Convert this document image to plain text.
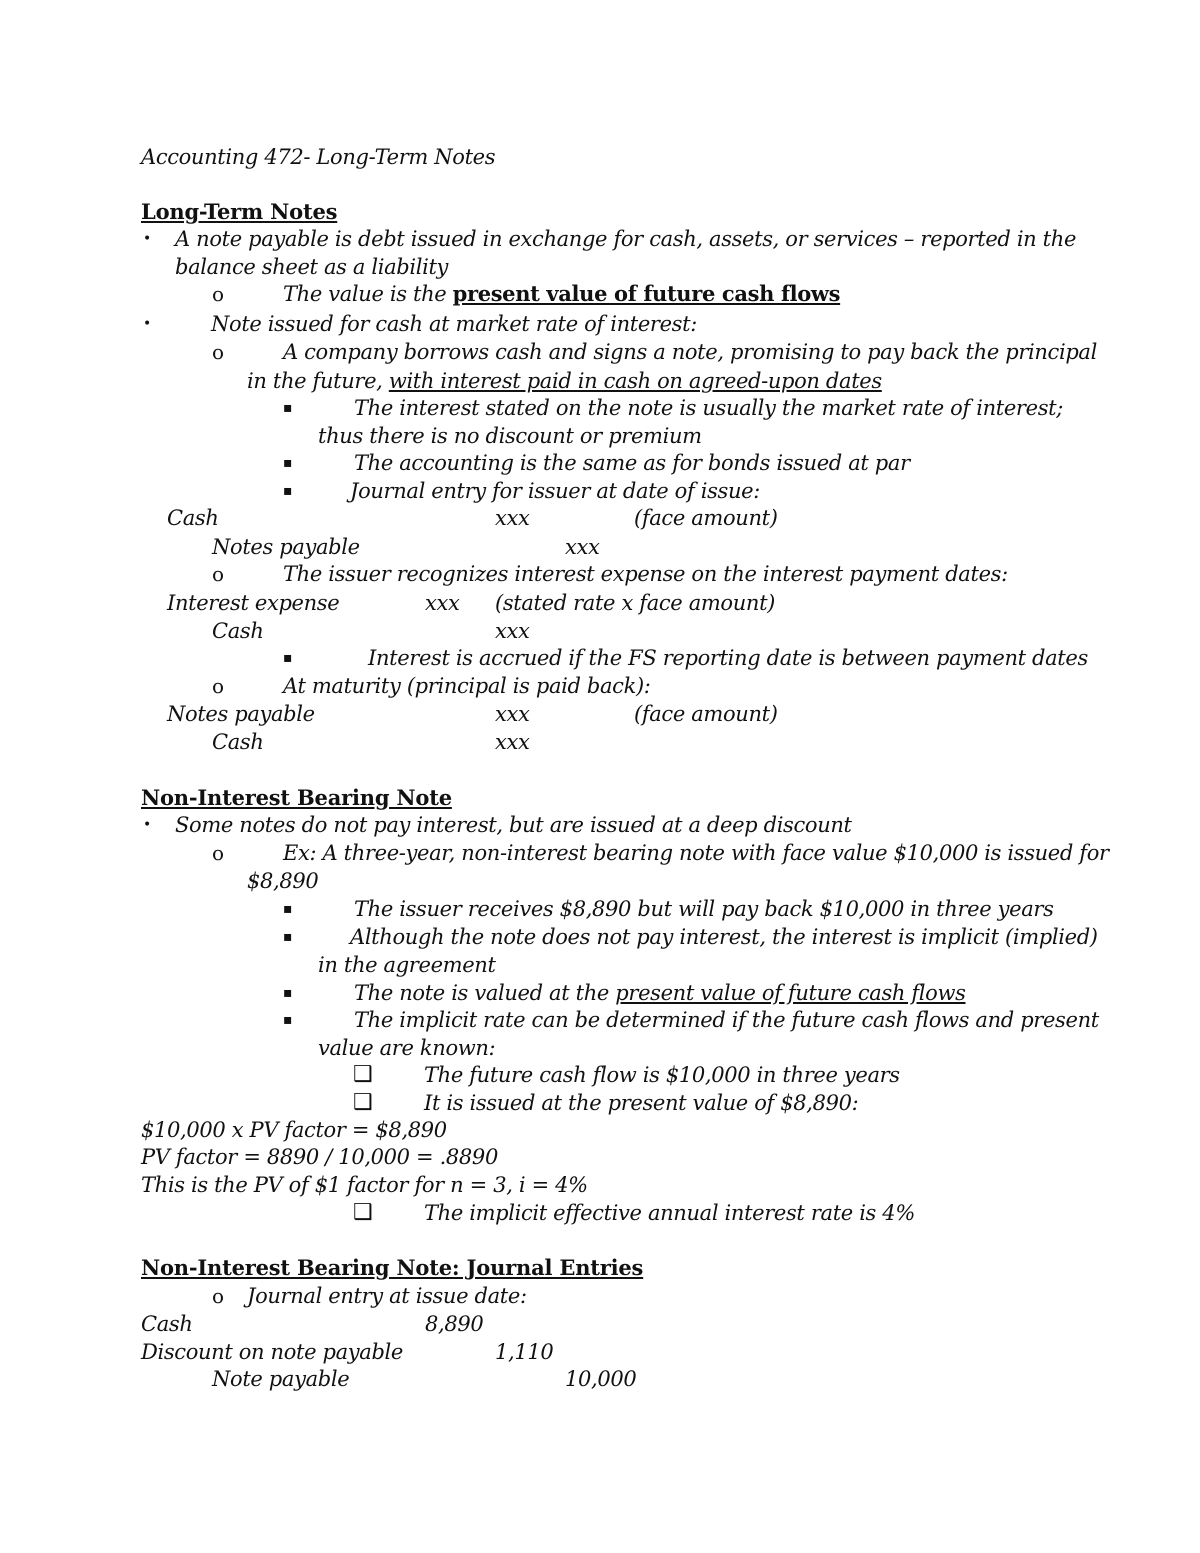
Accounting 472- Long-Term Notes
Long-Term Notes
• A note payable is debt issued in exchange for cash, assets, or services – reported in the
balance sheet as a liability
o	The value is the present value of future cash flows
•	Note issued for cash at market rate of interest:
o	A company borrows cash and signs a note, promising to pay back the principal
in the future, with interest paid in cash on agreed-upon dates
▪	The interest stated on the note is usually the market rate of interest;
thus there is no discount or premium
▪	The accounting is the same as for bonds issued at par
▪	Journal entry for issuer at date of issue:
Cash	xxx	(face amount)
Notes payable	xxx
o	The issuer recognizes interest expense on the interest payment dates:
Interest expense	xxx (stated rate x face amount)
Cash	xxx
▪	Interest is accrued if the FS reporting date is between payment dates
o	At maturity (principal is paid back):
Notes payable	xxx	(face amount)
Cash	xxx
Non-Interest Bearing Note
• Some notes do not pay interest, but are issued at a deep discount
o	Ex: A three-year, non-interest bearing note with face value $10,000 is issued for
$8,890
▪	The issuer receives $8,890 but will pay back $10,000 in three years
▪	Although the note does not pay interest, the interest is implicit (implied)
in the agreement
▪	The note is valued at the present value of future cash flows
▪	The implicit rate can be determined if the future cash flows and present
value are known:
❑ The future cash flow is $10,000 in three years
❑ It is issued at the present value of $8,890:
$10,000 x PV factor = $8,890
PV factor = 8890 / 10,000 = .8890
This is the PV of $1 factor for n = 3, i = 4%
❑ The implicit effective annual interest rate is 4%
Non-Interest Bearing Note: Journal Entries
o Journal entry at issue date:
Cash	8,890
Discount on note payable	1,110
Note payable	10,000
